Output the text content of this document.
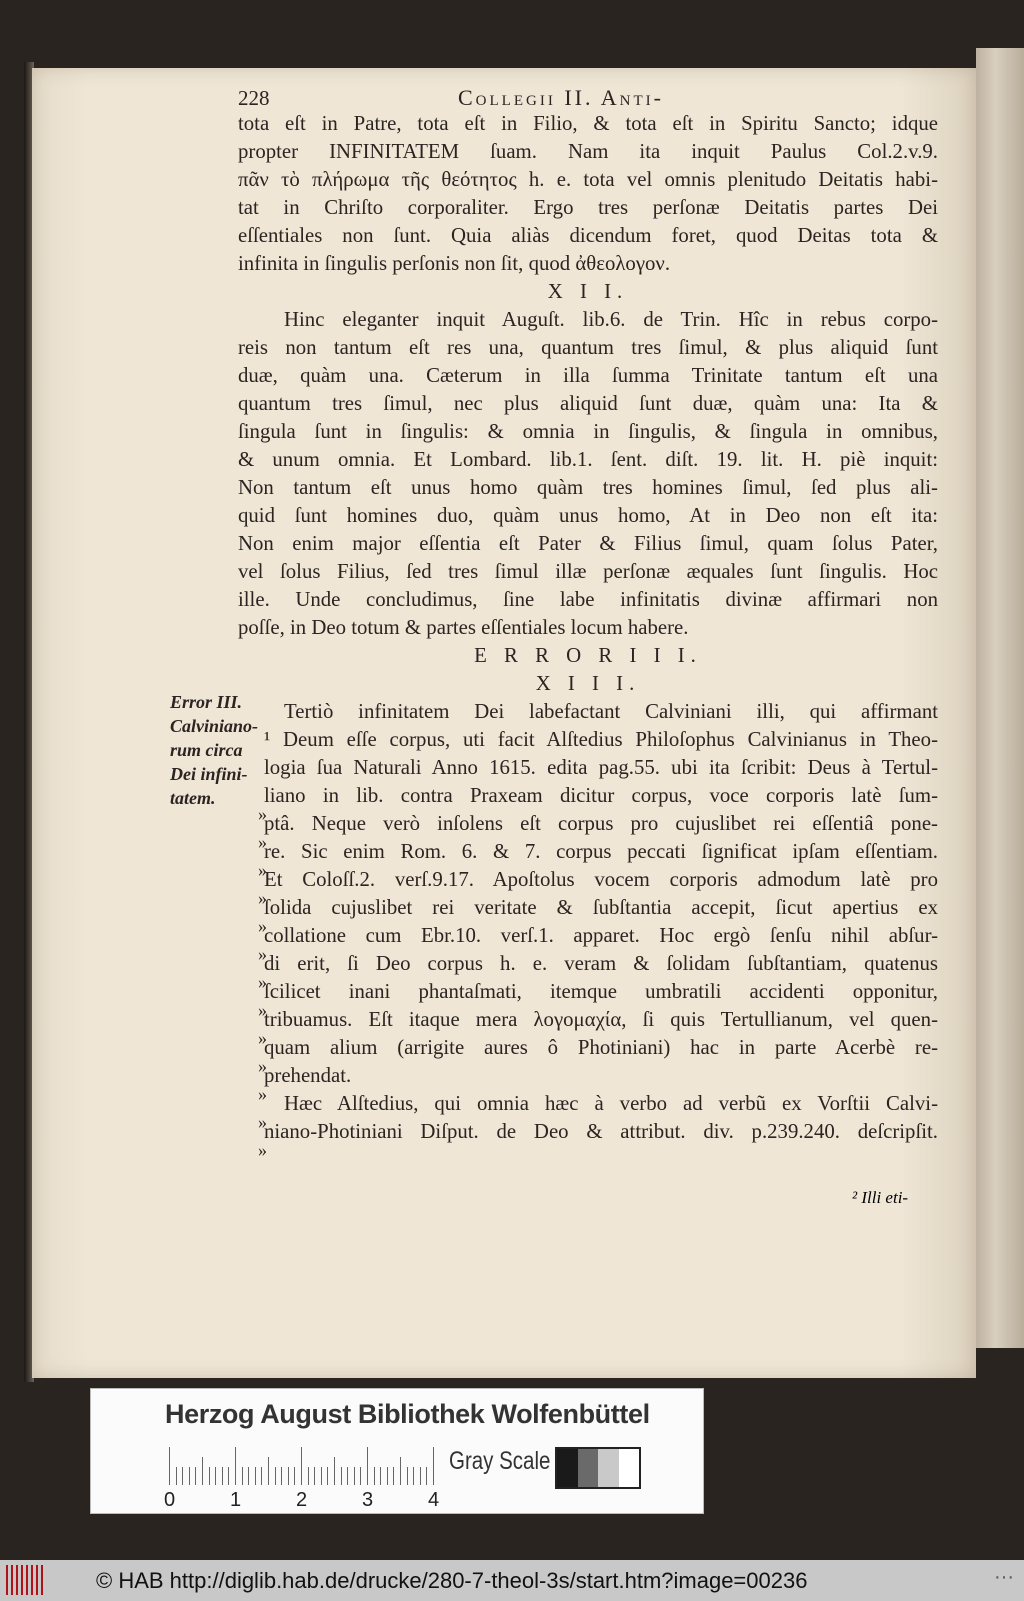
228	Collegii II. Anti-
tota eſt in Patre, tota eſt in Filio, & tota eſt in Spiritu Sancto; idque
propter INFINITATEM ſuam. Nam ita inquit Paulus Col.2.v.9.
πᾶν τὸ πλήρωμα τῆς θεότητος h. e. tota vel omnis plenitudo Deitatis habi-
tat in Chriſto corporaliter. Ergo tres perſonæ Deitatis partes Dei
eſſentiales non ſunt. Quia aliàs dicendum foret, quod Deitas tota &
infinita in ſingulis perſonis non ſit, quod ἀθεολογον.
X I I.
Hinc eleganter inquit Auguſt. lib.6. de Trin. Hîc in rebus corpo-
reis non tantum eſt res una, quantum tres ſimul, & plus aliquid ſunt
duæ, quàm una. Cæterum in illa ſumma Trinitate tantum eſt una
quantum tres ſimul, nec plus aliquid ſunt duæ, quàm una: Ita &
ſingula ſunt in ſingulis: & omnia in ſingulis, & ſingula in omnibus,
& unum omnia. Et Lombard. lib.1. ſent. diſt. 19. lit. H. piè inquit:
Non tantum eſt unus homo quàm tres homines ſimul, ſed plus ali-
quid ſunt homines duo, quàm unus homo, At in Deo non eſt ita:
Non enim major eſſentia eſt Pater & Filius ſimul, quam ſolus Pater,
vel ſolus Filius, ſed tres ſimul illæ perſonæ æquales ſunt ſingulis. Hoc
ille. Unde concludimus, ſine labe infinitatis divinæ affirmari non
poſſe, in Deo totum & partes eſſentiales locum habere.
E R R O R I I I.
X I I I.
Tertiò infinitatem Dei labefactant Calviniani illi, qui affirmant
¹ Deum eſſe corpus, uti facit Alſtedius Philoſophus Calvinianus in Theo-
logia ſua Naturali Anno 1615. edita pag.55. ubi ita ſcribit: Deus à Tertul-
liano in lib. contra Praxeam dicitur corpus, voce corporis latè ſum-
ptâ. Neque verò inſolens eſt corpus pro cujuslibet rei eſſentiâ pone-
re. Sic enim Rom. 6. & 7. corpus peccati ſignificat ipſam eſſentiam.
Et Coloſſ.2. verſ.9.17. Apoſtolus vocem corporis admodum latè pro
ſolida cujuslibet rei veritate & ſubſtantia accepit, ſicut apertius ex
collatione cum Ebr.10. verſ.1. apparet. Hoc ergò ſenſu nihil abſur-
di erit, ſi Deo corpus h. e. veram & ſolidam ſubſtantiam, quatenus
ſcilicet inani phantaſmati, itemque umbratili accidenti opponitur,
tribuamus. Eſt itaque mera λογομαχία, ſi quis Tertullianum, vel quen-
quam alium (arrigite aures ô Photiniani) hac in parte Acerbè re-
prehendat.
Hæc Alſtedius, qui omnia hæc à verbo ad verbũ ex Vorſtii Calvi-
niano-Photiniani Diſput. de Deo & attribut. div. p.239.240. deſcripſit.
»
»
»
»
»
»
»
»
»
»
»
»
»
Error III.
Calviniano-
rum circa
Dei infini-
tatem.
² Illi eti-
Herzog August Bibliothek Wolfenbüttel
0	1	2	3	4
Gray Scale
© HAB http://diglib.hab.de/drucke/280-7-theol-3s/start.htm?image=00236	···
